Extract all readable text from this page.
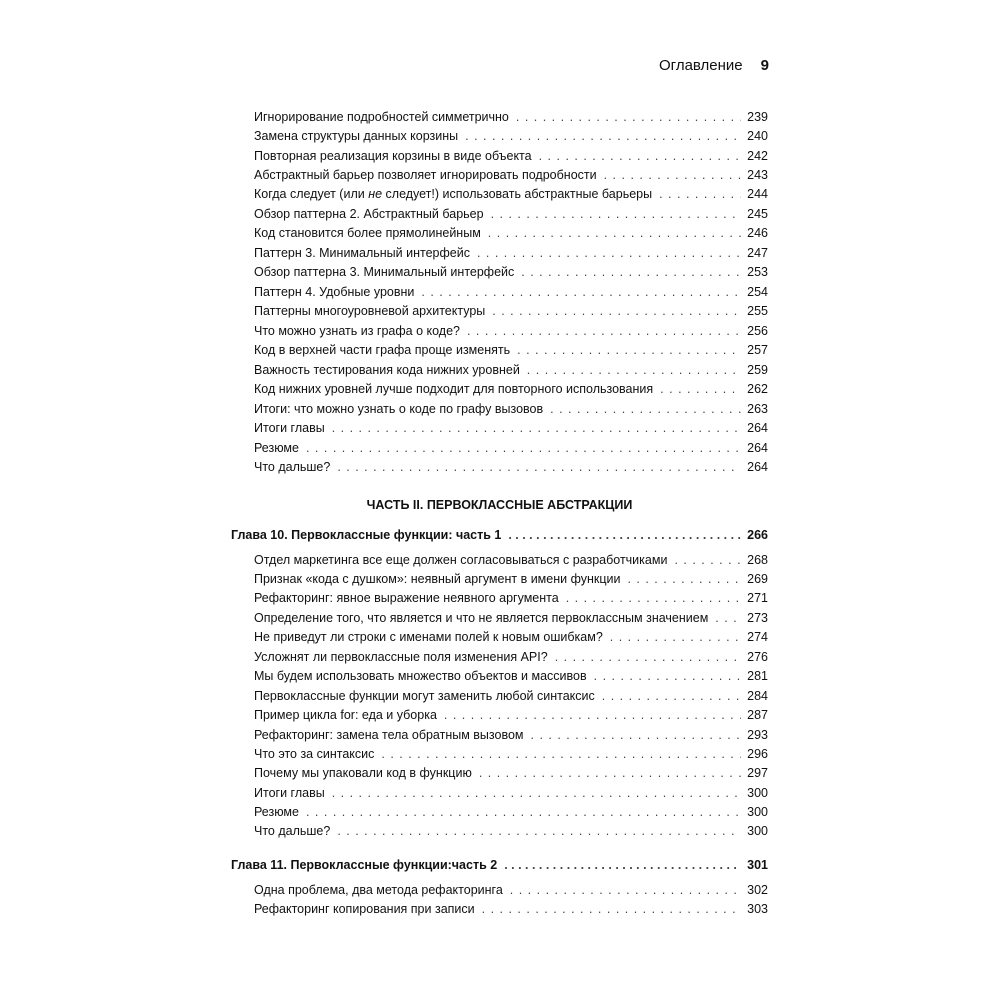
Оглавление 9
Игнорирование подробностей симметрично . . .	239
Замена структуры данных корзины . . .	240
Повторная реализация корзины в виде объекта . . .	242
Абстрактный барьер позволяет игнорировать подробности . . .	243
Когда следует (или не следует!) использовать абстрактные барьеры . . .	244
Обзор паттерна 2. Абстрактный барьер . . .	245
Код становится более прямолинейным . . .	246
Паттерн 3. Минимальный интерфейс . . .	247
Обзор паттерна 3. Минимальный интерфейс . . .	253
Паттерн 4. Удобные уровни . . .	254
Паттерны многоуровневой архитектуры . . .	255
Что можно узнать из графа о коде? . . .	256
Код в верхней части графа проще изменять . . .	257
Важность тестирования кода нижних уровней . . .	259
Код нижних уровней лучше подходит для повторного использования . . .	262
Итоги: что можно узнать о коде по графу вызовов . . .	263
Итоги главы . . .	264
Резюме . . .	264
Что дальше? . . .	264
ЧАСТЬ II. ПЕРВОКЛАССНЫЕ АБСТРАКЦИИ
Глава 10. Первоклассные функции: часть 1 . . .	266
Отдел маркетинга все еще должен согласовываться с разработчиками . . .	268
Признак «кода с душком»: неявный аргумент в имени функции . . .	269
Рефакторинг: явное выражение неявного аргумента . . .	271
Определение того, что является и что не является первоклассным значением . . .	273
Не приведут ли строки с именами полей к новым ошибкам? . . .	274
Усложнят ли первоклассные поля изменения API? . . .	276
Мы будем использовать множество объектов и массивов . . .	281
Первоклассные функции могут заменить любой синтаксис . . .	284
Пример цикла for: еда и уборка . . .	287
Рефакторинг: замена тела обратным вызовом . . .	293
Что это за синтаксис . . .	296
Почему мы упаковали код в функцию . . .	297
Итоги главы . . .	300
Резюме . . .	300
Что дальше? . . .	300
Глава 11. Первоклассные функции:часть 2 . . .	301
Одна проблема, два метода рефакторинга . . .	302
Рефакторинг копирования при записи . . .	303
